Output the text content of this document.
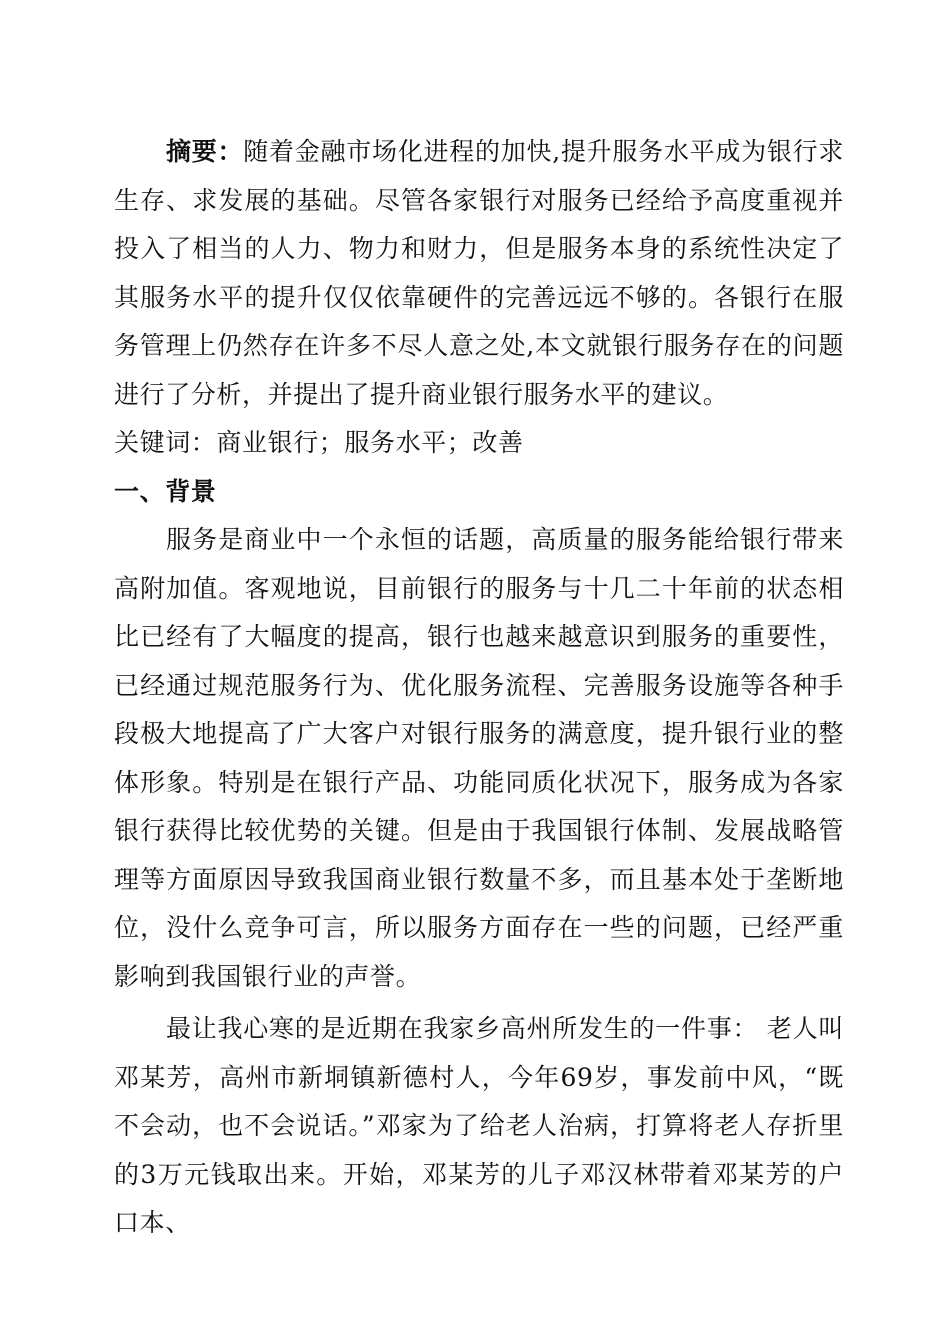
摘要：随着金融市场化进程的加快,提升服务水平成为银行求生存、求发展的基础。尽管各家银行对服务已经给予高度重视并投入了相当的人力、物力和财力，但是服务本身的系统性决定了其服务水平的提升仅仅依靠硬件的完善远远不够的。各银行在服务管理上仍然存在许多不尽人意之处,本文就银行服务存在的问题进行了分析，并提出了提升商业银行服务水平的建议。

关键词：商业银行；服务水平；改善

一、背景

服务是商业中一个永恒的话题，高质量的服务能给银行带来高附加值。客观地说，目前银行的服务与十几二十年前的状态相比已经有了大幅度的提高，银行也越来越意识到服务的重要性，已经通过规范服务行为、优化服务流程、完善服务设施等各种手段极大地提高了广大客户对银行服务的满意度，提升银行业的整体形象。特别是在银行产品、功能同质化状况下，服务成为各家银行获得比较优势的关键。但是由于我国银行体制、发展战略管理等方面原因导致我国商业银行数量不多，而且基本处于垄断地位，没什么竞争可言，所以服务方面存在一些的问题，已经严重影响到我国银行业的声誉。

最让我心寒的是近期在我家乡高州所发生的一件事： 老人叫邓某芳，高州市新垌镇新德村人，今年69岁，事发前中风，“既不会动，也不会说话。”邓家为了给老人治病，打算将老人存折里的3万元钱取出来。开始，邓某芳的儿子邓汉林带着邓某芳的户口本、
